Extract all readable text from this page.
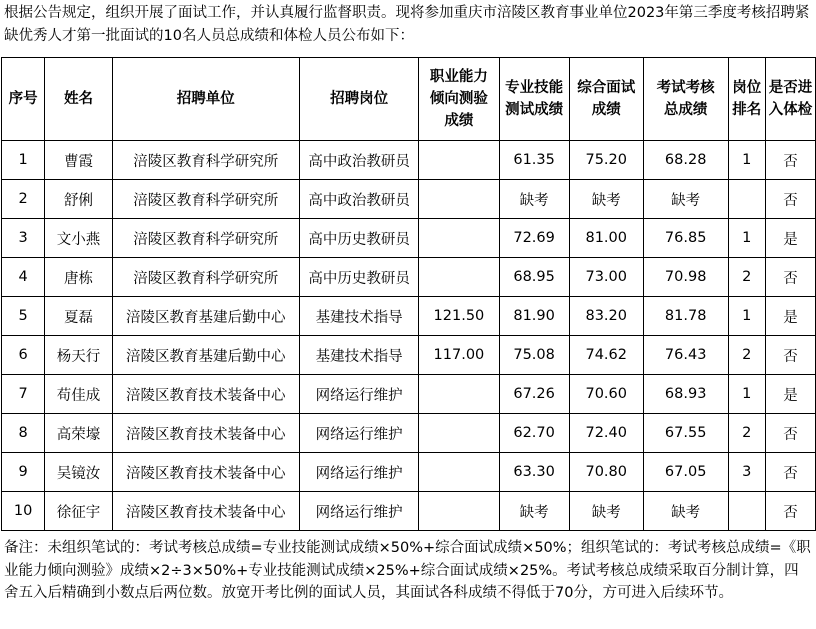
根据公告规定，组织开展了面试工作，并认真履行监督职责。现将参加重庆市涪陵区教育事业单位2023年第三季度考核招聘紧缺优秀人才第一批面试的10名人员总成绩和体检人员公布如下：
序号	姓名	招聘单位	招聘岗位	职业能力倾向测验成绩	专业技能测试成绩	综合面试成绩	考试考核总成绩	岗位排名	是否进入体检
1	曹霞	涪陵区教育科学研究所	高中政治教研员		61.35	75.20	68.28	1	否
2	舒俐	涪陵区教育科学研究所	高中政治教研员		缺考	缺考	缺考		否
3	文小燕	涪陵区教育科学研究所	高中历史教研员		72.69	81.00	76.85	1	是
4	唐栋	涪陵区教育科学研究所	高中历史教研员		68.95	73.00	70.98	2	否
5	夏磊	涪陵区教育基建后勤中心	基建技术指导	121.50	81.90	83.20	81.78	1	是
6	杨天行	涪陵区教育基建后勤中心	基建技术指导	117.00	75.08	74.62	76.43	2	否
7	苟佳成	涪陵区教育技术装备中心	网络运行维护		67.26	70.60	68.93	1	是
8	高荣壕	涪陵区教育技术装备中心	网络运行维护		62.70	72.40	67.55	2	否
9	吴镜汝	涪陵区教育技术装备中心	网络运行维护		63.30	70.80	67.05	3	否
10	徐征宇	涪陵区教育技术装备中心	网络运行维护		缺考	缺考	缺考		否
备注：未组织笔试的：考试考核总成绩=专业技能测试成绩×50%+综合面试成绩×50%；组织笔试的：考试考核总成绩=《职业能力倾向测验》成绩×2÷3×50%+专业技能测试成绩×25%+综合面试成绩×25%。考试考核总成绩采取百分制计算，四舍五入后精确到小数点后两位数。放宽开考比例的面试人员，其面试各科成绩不得低于70分，方可进入后续环节。
